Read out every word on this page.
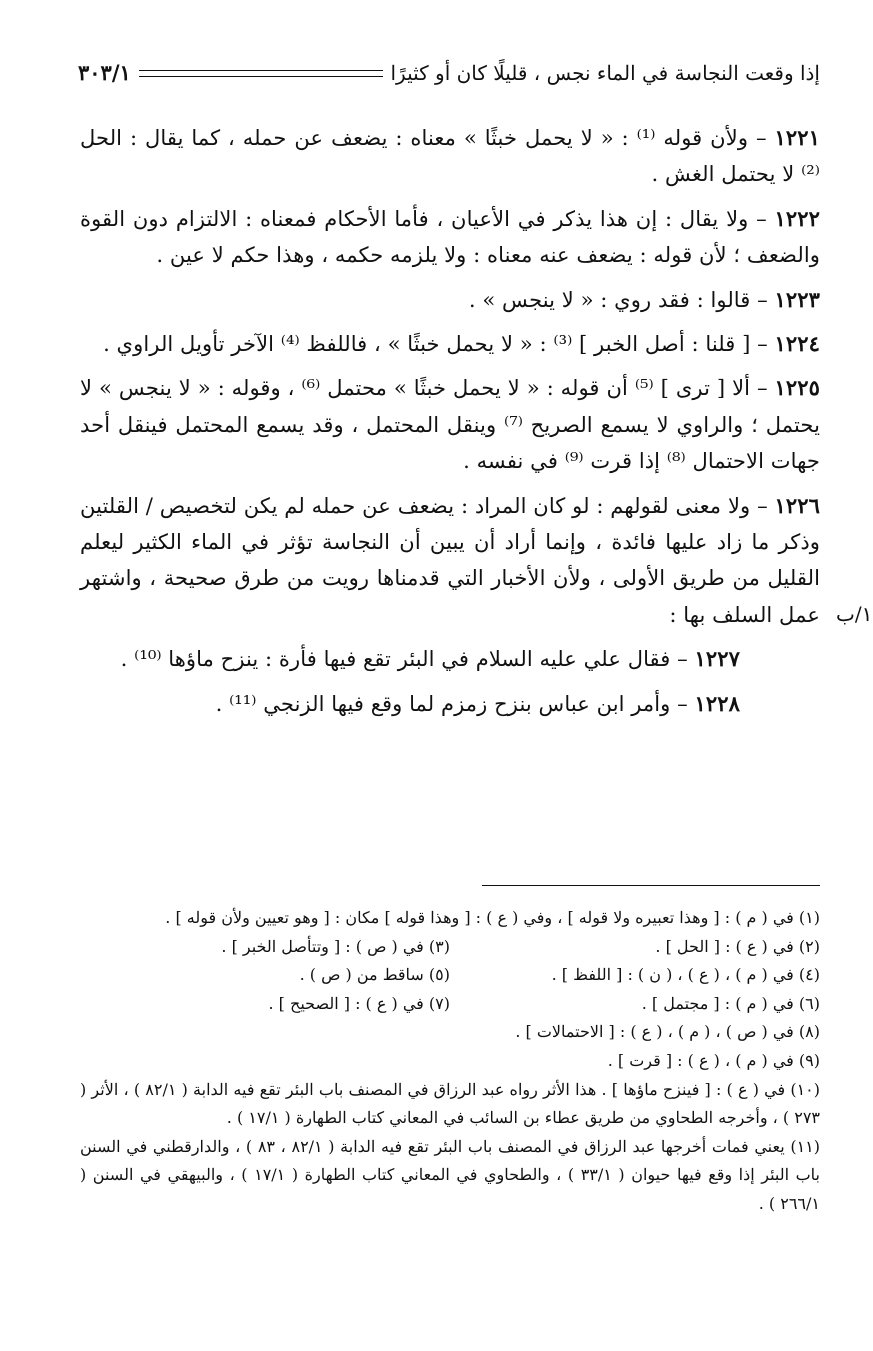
إذا وقعت النجاسة في الماء نجس ، قليلًا كان أو كثيرًا
٣٠٣/١
١/ب

١٢٢١ – ولأن قوله ⁽¹⁾ : « لا يحمل خبثًا » معناه : يضعف عن حمله ، كما يقال : الحل ⁽²⁾ لا يحتمل الغش .

١٢٢٢ – ولا يقال : إن هذا يذكر في الأعيان ، فأما الأحكام فمعناه : الالتزام دون القوة والضعف ؛ لأن قوله : يضعف عنه معناه : ولا يلزمه حكمه ، وهذا حكم لا عين .

١٢٢٣ – قالوا : فقد روي : « لا ينجس » .

١٢٢٤ – [ قلنا : أصل الخبر ] ⁽³⁾ : « لا يحمل خبثًا » ، فاللفظ ⁽⁴⁾ الآخر تأويل الراوي .

١٢٢٥ – ألا [ ترى ] ⁽⁵⁾ أن قوله : « لا يحمل خبثًا » محتمل ⁽⁶⁾ ، وقوله : « لا ينجس » لا يحتمل ؛ والراوي لا يسمع الصريح ⁽⁷⁾ وينقل المحتمل ، وقد يسمع المحتمل فينقل أحد جهات الاحتمال ⁽⁸⁾ إذا قرت ⁽⁹⁾ في نفسه .

١٢٢٦ – ولا معنى لقولهم : لو كان المراد : يضعف عن حمله لم يكن لتخصيص / القلتين وذكر ما زاد عليها فائدة ، وإنما أراد أن يبين أن النجاسة تؤثر في الماء الكثير ليعلم القليل من طريق الأولى ، ولأن الأخبار التي قدمناها رويت من طرق صحيحة ، واشتهر عمل السلف بها :

١٢٢٧ – فقال علي عليه السلام في البئر تقع فيها فأرة : ينزح ماؤها ⁽¹⁰⁾ .

١٢٢٨ – وأمر ابن عباس بنزح زمزم لما وقع فيها الزنجي ⁽¹¹⁾ .

(١) في ( م ) : [ وهذا تعبيره ولا قوله ] ، وفي ( ع ) : [ وهذا قوله ] مكان : [ وهو تعيين ولأن قوله ] .

(٢) في ( ع ) : [ الحل ] .
(٣) في ( ص ) : [ وتتأصل الخبر ] .
(٤) في ( م ) ، ( ع ) ، ( ن ) : [ اللفظ ] .
(٥) ساقط من ( ص ) .
(٦) في ( م ) : [ مجتمل ] .
(٧) في ( ع ) : [ الصحيح ] .

(٨) في ( ص ) ، ( م ) ، ( ع ) : [ الاحتمالات ] .

(٩) في ( م ) ، ( ع ) : [ قرت ] .

(١٠) في ( ع ) : [ فينزح ماؤها ] . هذا الأثر رواه عبد الرزاق في المصنف باب البئر تقع فيه الدابة ( ٨٢/١ ) ، الأثر ( ٢٧٣ ) ، وأخرجه الطحاوي من طريق عطاء بن السائب في المعاني كتاب الطهارة ( ١٧/١ ) .

(١١) يعني فمات أخرجها عبد الرزاق في المصنف باب البئر تقع فيه الدابة ( ٨٢/١ ، ٨٣ ) ، والدارقطني في السنن باب البئر إذا وقع فيها حيوان ( ٣٣/١ ) ، والطحاوي في المعاني كتاب الطهارة ( ١٧/١ ) ، والبيهقي في السنن ( ٢٦٦/١ ) .
